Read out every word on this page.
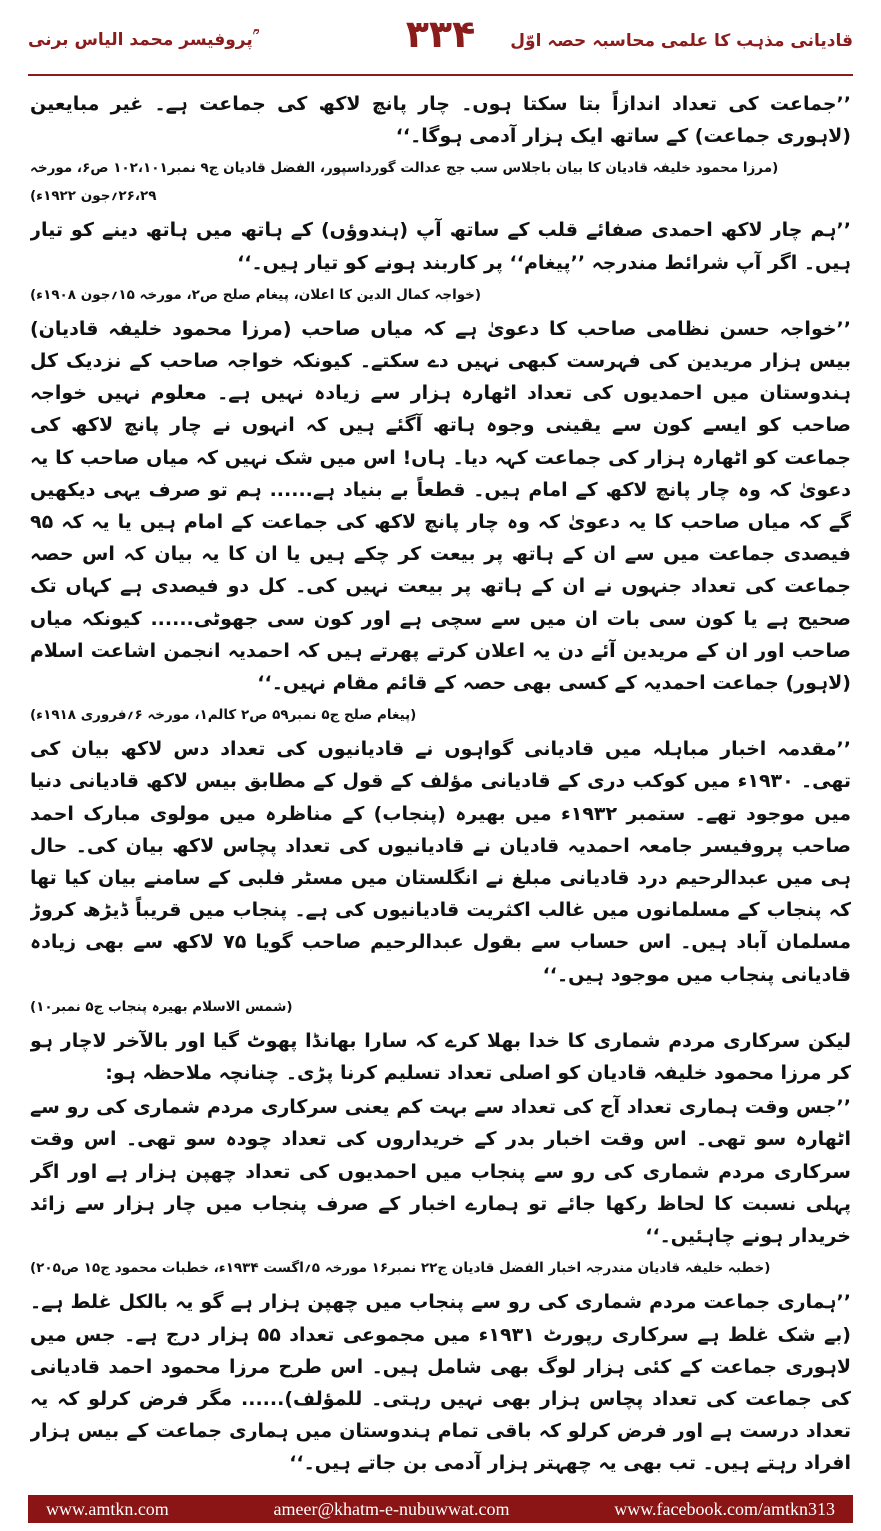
پروفیسر محمد الیاس برنی ؒ	۳۳۴	قادیانی مذہب کا علمی محاسبہ حصہ اوّل

’’جماعت کی تعداد اندازاً بتا سکتا ہوں۔ چار پانچ لاکھ کی جماعت ہے۔ غیر مبایعین (لاہوری جماعت) کے ساتھ ایک ہزار آدمی ہوگا۔‘‘

(مرزا محمود خلیفہ قادیان کا بیان باجلاس سب جج عدالت گورداسپور، الفضل قادیان ج۹ نمبر۱۰۲،۱۰۱ ص۶، مورخہ ۲۶،۲۹؍جون ۱۹۲۲ء)

’’ہم چار لاکھ احمدی صفائے قلب کے ساتھ آپ (ہندوؤں) کے ہاتھ میں ہاتھ دینے کو تیار ہیں۔ اگر آپ شرائط مندرجہ ’’پیغام‘‘ پر کاربند ہونے کو تیار ہیں۔‘‘

(خواجہ کمال الدین کا اعلان، پیغام صلح ص۲، مورخہ ۱۵؍جون ۱۹۰۸ء)

’’خواجہ حسن نظامی صاحب کا دعویٰ ہے کہ میاں صاحب (مرزا محمود خلیفہ قادیان) بیس ہزار مریدین کی فہرست کبھی نہیں دے سکتے۔ کیونکہ خواجہ صاحب کے نزدیک کل ہندوستان میں احمدیوں کی تعداد اٹھارہ ہزار سے زیادہ نہیں ہے۔ معلوم نہیں خواجہ صاحب کو ایسے کون سے یقینی وجوہ ہاتھ آگئے ہیں کہ انہوں نے چار پانچ لاکھ کی جماعت کو اٹھارہ ہزار کی جماعت کہہ دیا۔ ہاں! اس میں شک نہیں کہ میاں صاحب کا یہ دعویٰ کہ وہ چار پانچ لاکھ کے امام ہیں۔ قطعاً بے بنیاد ہے...... ہم تو صرف یہی دیکھیں گے کہ میاں صاحب کا یہ دعویٰ کہ وہ چار پانچ لاکھ کی جماعت کے امام ہیں یا یہ کہ ۹۵ فیصدی جماعت میں سے ان کے ہاتھ پر بیعت کر چکے ہیں یا ان کا یہ بیان کہ اس حصہ جماعت کی تعداد جنہوں نے ان کے ہاتھ پر بیعت نہیں کی۔ کل دو فیصدی ہے کہاں تک صحیح ہے یا کون سی بات ان میں سے سچی ہے اور کون سی جھوٹی...... کیونکہ میاں صاحب اور ان کے مریدین آئے دن یہ اعلان کرتے پھرتے ہیں کہ احمدیہ انجمن اشاعت اسلام (لاہور) جماعت احمدیہ کے کسی بھی حصہ کے قائم مقام نہیں۔‘‘

(پیغام صلح ج۵ نمبر۵۹ ص۲ کالم۱، مورخہ ۶؍فروری ۱۹۱۸ء)

’’مقدمہ اخبار مباہلہ میں قادیانی گواہوں نے قادیانیوں کی تعداد دس لاکھ بیان کی تھی۔ ۱۹۳۰ء میں کوکب دری کے قادیانی مؤلف کے قول کے مطابق بیس لاکھ قادیانی دنیا میں موجود تھے۔ ستمبر ۱۹۳۲ء میں بھیرہ (پنجاب) کے مناظرہ میں مولوی مبارک احمد صاحب پروفیسر جامعہ احمدیہ قادیان نے قادیانیوں کی تعداد پچاس لاکھ بیان کی۔ حال ہی میں عبدالرحیم درد قادیانی مبلغ نے انگلستان میں مسٹر فلبی کے سامنے بیان کیا تھا کہ پنجاب کے مسلمانوں میں غالب اکثریت قادیانیوں کی ہے۔ پنجاب میں قریباً ڈیڑھ کروڑ مسلمان آباد ہیں۔ اس حساب سے بقول عبدالرحیم صاحب گویا ۷۵ لاکھ سے بھی زیادہ قادیانی پنجاب میں موجود ہیں۔‘‘

(شمس الاسلام بھیرہ پنجاب ج۵ نمبر۱۰)

لیکن سرکاری مردم شماری کا خدا بھلا کرے کہ سارا بھانڈا پھوٹ گیا اور بالآخر لاچار ہو کر مرزا محمود خلیفہ قادیان کو اصلی تعداد تسلیم کرنا پڑی۔ چنانچہ ملاحظہ ہو:

’’جس وقت ہماری تعداد آج کی تعداد سے بہت کم یعنی سرکاری مردم شماری کی رو سے اٹھارہ سو تھی۔ اس وقت اخبار بدر کے خریداروں کی تعداد چودہ سو تھی۔ اس وقت سرکاری مردم شماری کی رو سے پنجاب میں احمدیوں کی تعداد چھپن ہزار ہے اور اگر پہلی نسبت کا لحاظ رکھا جائے تو ہمارے اخبار کے صرف پنجاب میں چار ہزار سے زائد خریدار ہونے چاہئیں۔‘‘

(خطبہ خلیفہ قادیان مندرجہ اخبار الفضل قادیان ج۲۲ نمبر۱۶ مورخہ ۵؍اگست ۱۹۳۴ء، خطبات محمود ج۱۵ ص۲۰۵)

’’ہماری جماعت مردم شماری کی رو سے پنجاب میں چھپن ہزار ہے گو یہ بالکل غلط ہے۔ (بے شک غلط ہے سرکاری رپورٹ ۱۹۳۱ء میں مجموعی تعداد ۵۵ ہزار درج ہے۔ جس میں لاہوری جماعت کے کئی ہزار لوگ بھی شامل ہیں۔ اس طرح مرزا محمود احمد قادیانی کی جماعت کی تعداد پچاس ہزار بھی نہیں رہتی۔ للمؤلف)...... مگر فرض کرلو کہ یہ تعداد درست ہے اور فرض کرلو کہ باقی تمام ہندوستان میں ہماری جماعت کے بیس ہزار افراد رہتے ہیں۔ تب بھی یہ چھہتر ہزار آدمی بن جاتے ہیں۔‘‘

www.amtkn.com	ameer@khatm-e-nubuwwat.com	www.facebook.com/amtkn313
